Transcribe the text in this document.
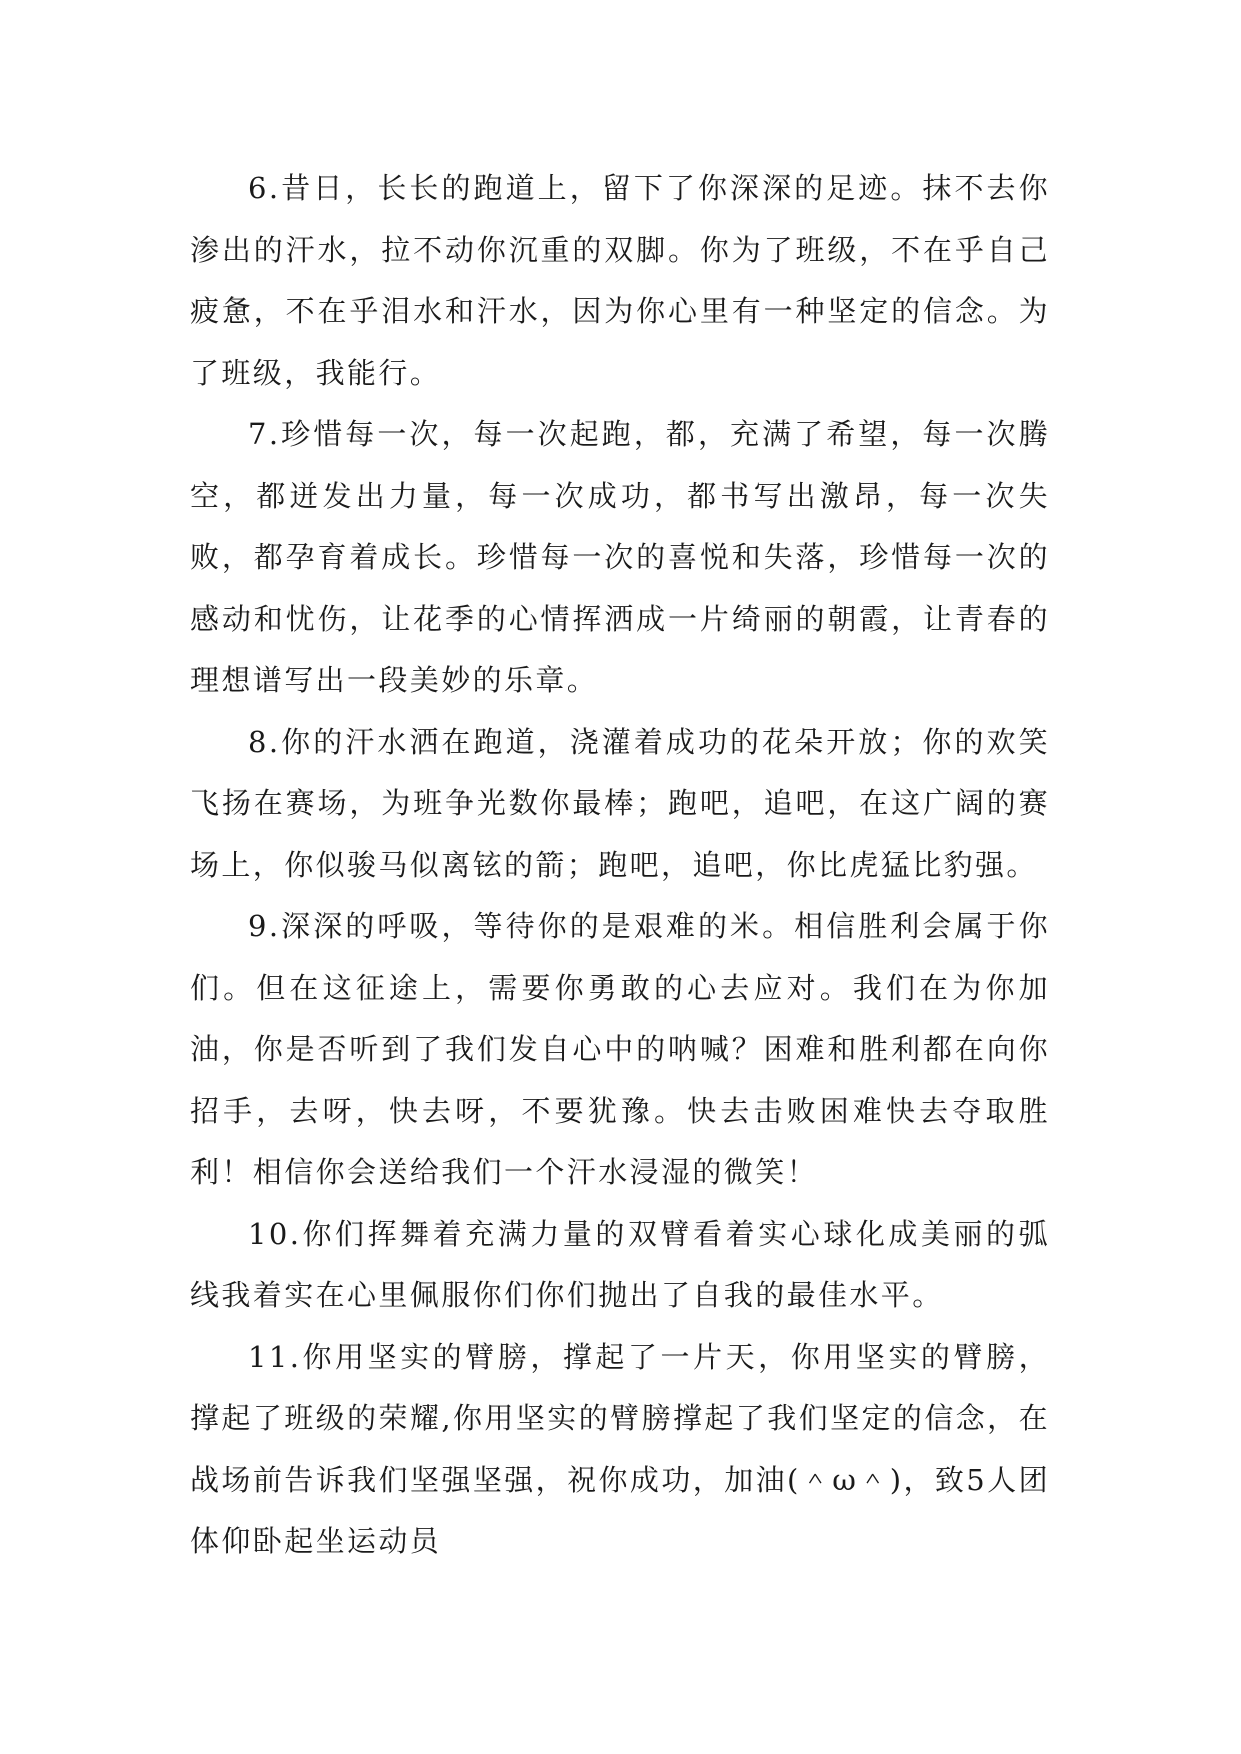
6.昔日，长长的跑道上，留下了你深深的足迹。抹不去你渗出的汗水，拉不动你沉重的双脚。你为了班级，不在乎自己疲惫，不在乎泪水和汗水，因为你心里有一种坚定的信念。为了班级，我能行。

7.珍惜每一次，每一次起跑，都，充满了希望，每一次腾空，都迸发出力量，每一次成功，都书写出激昂，每一次失败，都孕育着成长。珍惜每一次的喜悦和失落，珍惜每一次的感动和忧伤，让花季的心情挥洒成一片绮丽的朝霞，让青春的理想谱写出一段美妙的乐章。

8.你的汗水洒在跑道，浇灌着成功的花朵开放；你的欢笑飞扬在赛场，为班争光数你最棒；跑吧，追吧，在这广阔的赛场上，你似骏马似离铉的箭；跑吧，追吧，你比虎猛比豹强。

9.深深的呼吸，等待你的是艰难的米。相信胜利会属于你们。但在这征途上，需要你勇敢的心去应对。我们在为你加油，你是否听到了我们发自心中的呐喊？困难和胜利都在向你招手，去呀，快去呀，不要犹豫。快去击败困难快去夺取胜利！相信你会送给我们一个汗水浸湿的微笑！

10.你们挥舞着充满力量的双臂看着实心球化成美丽的弧线我着实在心里佩服你们你们抛出了自我的最佳水平。

11.你用坚实的臂膀，撑起了一片天，你用坚实的臂膀，撑起了班级的荣耀,你用坚实的臂膀撑起了我们坚定的信念，在战场前告诉我们坚强坚强，祝你成功，加油(＾ω＾)，致5人团体仰卧起坐运动员
